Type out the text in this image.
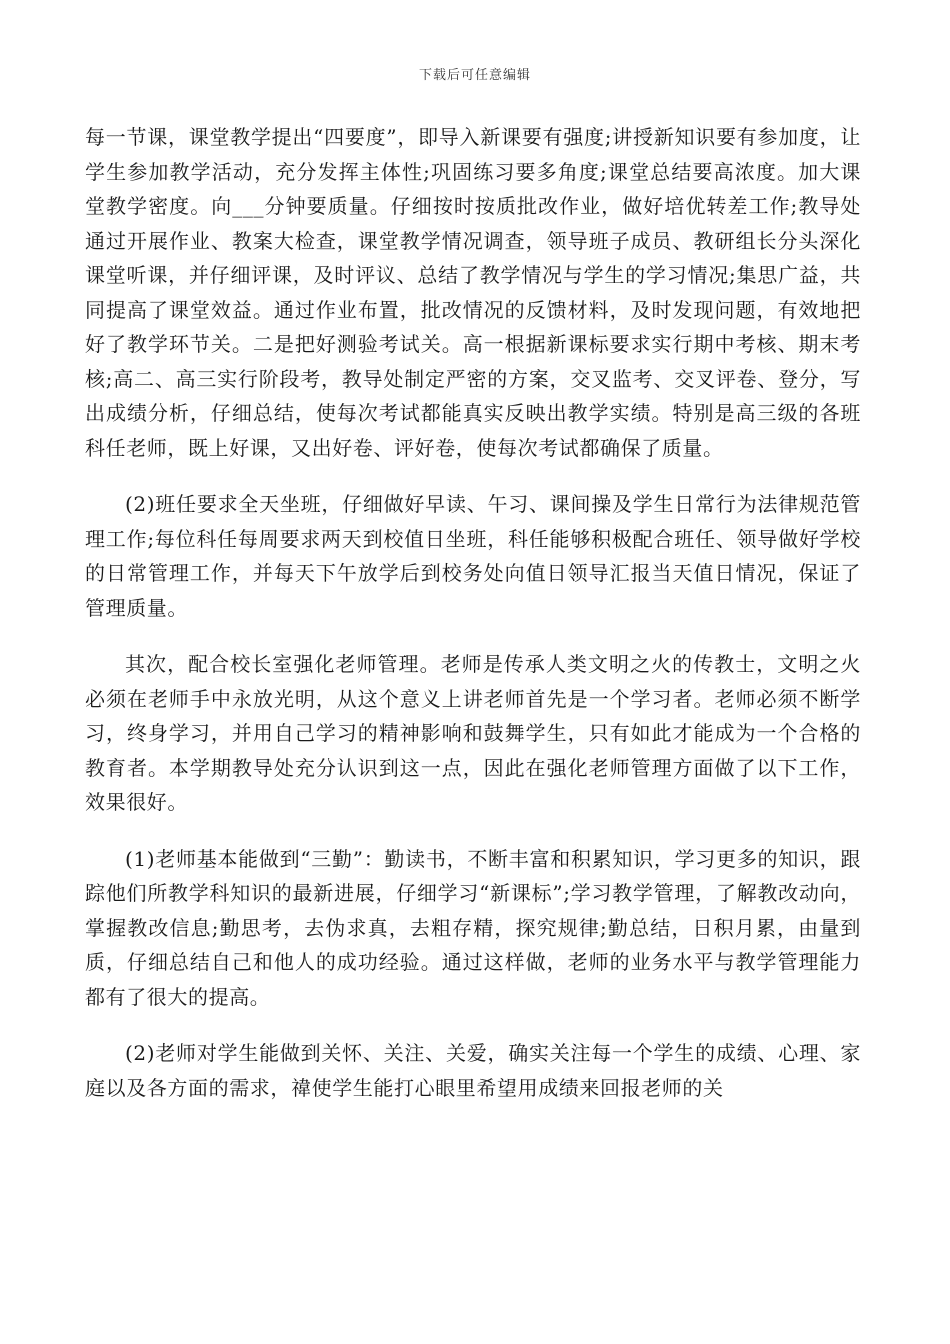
下载后可任意编辑

每一节课，课堂教学提出“四要度”，即导入新课要有强度;讲授新知识要有参加度，让学生参加教学活动，充分发挥主体性;巩固练习要多角度;课堂总结要高浓度。加大课堂教学密度。向___分钟要质量。仔细按时按质批改作业，做好培优转差工作;教导处通过开展作业、教案大检查，课堂教学情况调查，领导班子成员、教研组长分头深化课堂听课，并仔细评课，及时评议、总结了教学情况与学生的学习情况;集思广益，共同提高了课堂效益。通过作业布置，批改情况的反馈材料，及时发现问题，有效地把好了教学环节关。二是把好测验考试关。高一根据新课标要求实行期中考核、期末考核;高二、高三实行阶段考，教导处制定严密的方案，交叉监考、交叉评卷、登分，写出成绩分析，仔细总结，使每次考试都能真实反映出教学实绩。特别是高三级的各班科任老师，既上好课，又出好卷、评好卷，使每次考试都确保了质量。

(2)班任要求全天坐班，仔细做好早读、午习、课间操及学生日常行为法律规范管理工作;每位科任每周要求两天到校值日坐班，科任能够积极配合班任、领导做好学校的日常管理工作，并每天下午放学后到校务处向值日领导汇报当天值日情况，保证了管理质量。

其次，配合校长室强化老师管理。老师是传承人类文明之火的传教士，文明之火必须在老师手中永放光明，从这个意义上讲老师首先是一个学习者。老师必须不断学习，终身学习，并用自己学习的精神影响和鼓舞学生，只有如此才能成为一个合格的教育者。本学期教导处充分认识到这一点，因此在强化老师管理方面做了以下工作，效果很好。

(1)老师基本能做到“三勤”：勤读书，不断丰富和积累知识，学习更多的知识，跟踪他们所教学科知识的最新进展，仔细学习“新课标”;学习教学管理，了解教改动向，掌握教改信息;勤思考，去伪求真，去粗存精，探究规律;勤总结，日积月累，由量到质，仔细总结自己和他人的成功经验。通过这样做，老师的业务水平与教学管理能力都有了很大的提高。

(2)老师对学生能做到关怀、关注、关爱，确实关注每一个学生的成绩、心理、家庭以及各方面的需求，禕使学生能打心眼里希望用成绩来回报老师的关
